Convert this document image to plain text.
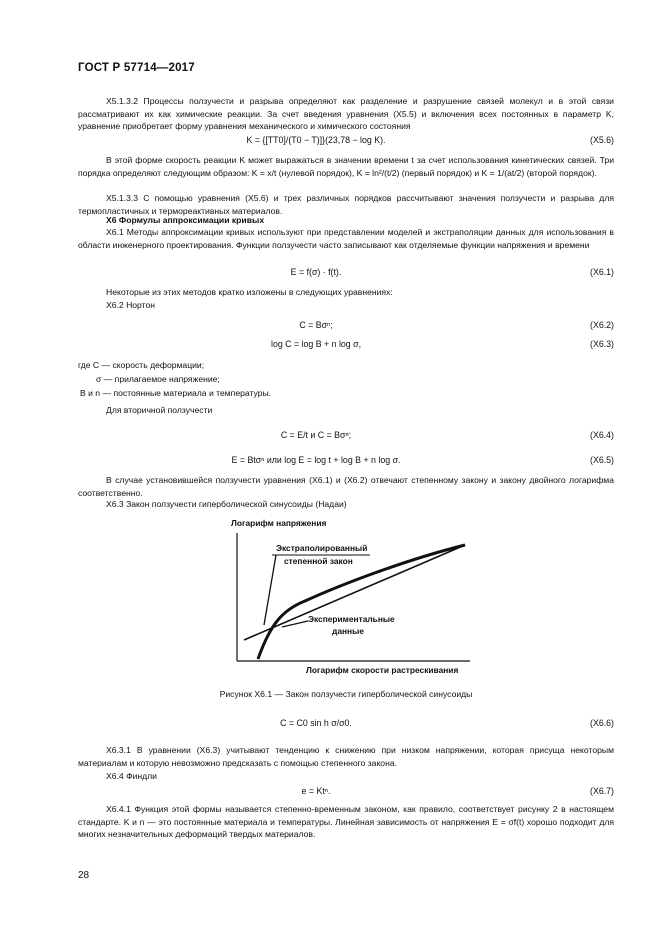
ГОСТ Р 57714—2017
Х5.1.3.2 Процессы ползучести и разрыва определяют как разделение и разрушение связей молекул и в этой связи рассматривают их как химические реакции. За счет введения уравнения (Х5.5) и включения всех постоянных в параметр K, уравнение приобретает форму уравнения механического и химического состояния
K = {[TT0]/(T0 − T)]}(23,78 − log K).	(Х5.6)
В этой форме скорость реакции K может выражаться в значении времени t за счет использования кинетических связей. Три порядка определяют следующим образом: K = x/t (нулевой порядок), K = ln²/(t/2) (первый порядок) и K = 1/(at/2) (второй порядок).
Х5.1.3.3 С помощью уравнения (Х5.6) и трех различных порядков рассчитывают значения ползучести и разрыва для термопластичных и термореактивных материалов.
Х6 Формулы аппроксимации кривых
Х6.1 Методы аппроксимации кривых используют при представлении моделей и экстраполяции данных для использования в области инженерного проектирования. Функции ползучести часто записывают как отделяемые функции напряжения и времени
E = f(σ) · f(t).	(Х6.1)
Некоторые из этих методов кратко изложены в следующих уравнениях:
Х6.2 Нортон
C = Bσⁿ;	(Х6.2)
log C = log B + n log σ,	(Х6.3)
где C — скорость деформации;
σ — прилагаемое напряжение;
B и n — постоянные материала и температуры.
Для вторичной ползучести
C = E/t и C = Bσⁿ;	(Х6.4)
E = Btσⁿ или log E = log t + log B + n log σ.	(Х6.5)
В случае установившейся ползучести уравнения (Х6.1) и (Х6.2) отвечают степенному закону и закону двойного логарифма соответственно.
Х6.3 Закон ползучести гиперболической синусоиды (Надаи)
Логарифм напряжения
Экстраполированный
степенной закон
Экспериментальные
данные
Логарифм скорости растрескивания
Рисунок Х6.1 — Закон ползучести гиперболической синусоиды
C = C0 sin h σ/σ0.	(Х6.6)
Х6.3.1 В уравнении (Х6.3) учитывают тенденцию к снижению при низком напряжении, которая присуща некоторым материалам и которую невозможно предсказать с помощью степенного закона.
Х6.4 Финдли
e = Ktⁿ.	(Х6.7)
Х6.4.1 Функция этой формы называется степенно-временным законом, как правило, соответствует рисунку 2 в настоящем стандарте. K и n — это постоянные материала и температуры. Линейная зависимость от напряжения E = σf(t) хорошо подходит для многих незначительных деформаций твердых материалов.
28
